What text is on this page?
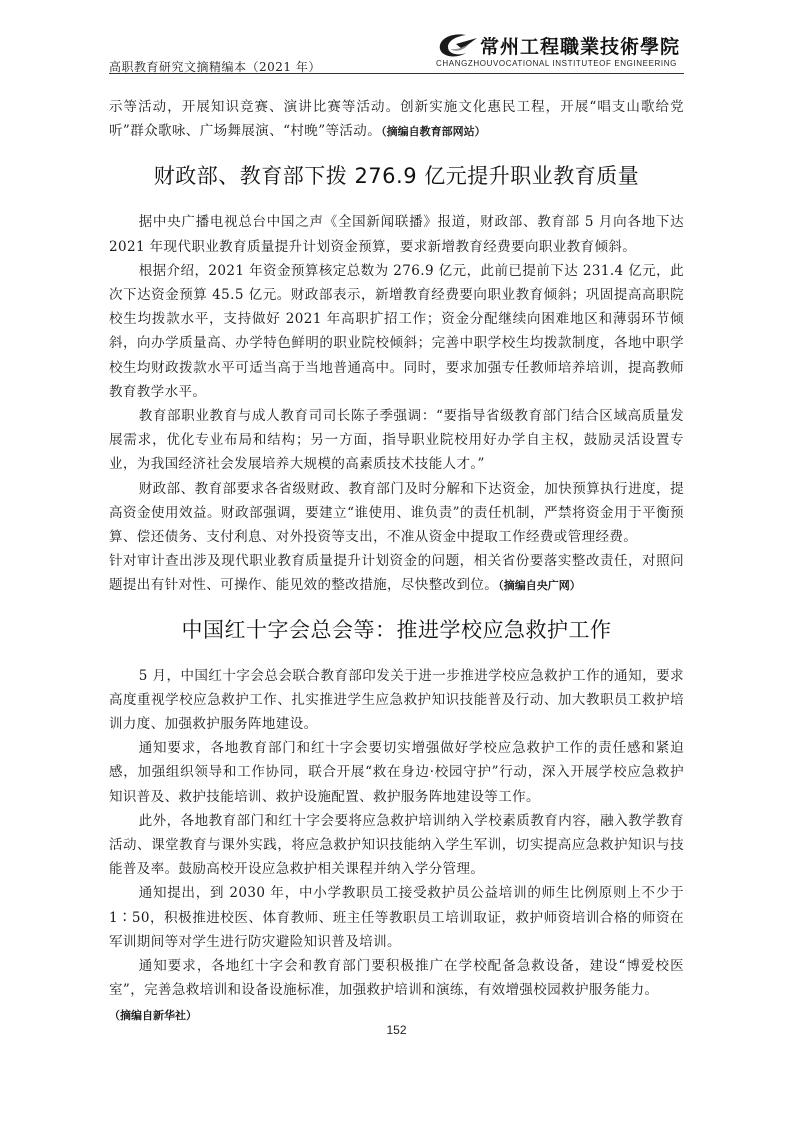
高职教育研究文摘精编本（2021 年）
常州工程職業技術學院
CHANGZHOUVOCATIONAL INSTITUTEOF ENGINEERING

示等活动，开展知识竞赛、演讲比赛等活动。创新实施文化惠民工程，开展“唱支山歌给党听”群众歌咏、广场舞展演、“村晚”等活动。（摘编自教育部网站）

财政部、教育部下拨 276.9 亿元提升职业教育质量

据中央广播电视总台中国之声《全国新闻联播》报道，财政部、教育部 5 月向各地下达 2021 年现代职业教育质量提升计划资金预算，要求新增教育经费要向职业教育倾斜。

根据介绍，2021 年资金预算核定总数为 276.9 亿元，此前已提前下达 231.4 亿元，此次下达资金预算 45.5 亿元。财政部表示，新增教育经费要向职业教育倾斜；巩固提高高职院校生均拨款水平，支持做好 2021 年高职扩招工作；资金分配继续向困难地区和薄弱环节倾斜，向办学质量高、办学特色鲜明的职业院校倾斜；完善中职学校生均拨款制度，各地中职学校生均财政拨款水平可适当高于当地普通高中。同时，要求加强专任教师培养培训，提高教师教育教学水平。

教育部职业教育与成人教育司司长陈子季强调：“要指导省级教育部门结合区域高质量发展需求，优化专业布局和结构；另一方面，指导职业院校用好办学自主权，鼓励灵活设置专业，为我国经济社会发展培养大规模的高素质技术技能人才。”

财政部、教育部要求各省级财政、教育部门及时分解和下达资金，加快预算执行进度，提高资金使用效益。财政部强调，要建立“谁使用、谁负责”的责任机制，严禁将资金用于平衡预算、偿还债务、支付利息、对外投资等支出，不准从资金中提取工作经费或管理经费。

针对审计查出涉及现代职业教育质量提升计划资金的问题，相关省份要落实整改责任，对照问题提出有针对性、可操作、能见效的整改措施，尽快整改到位。（摘编自央广网）

中国红十字会总会等：推进学校应急救护工作

5 月，中国红十字会总会联合教育部印发关于进一步推进学校应急救护工作的通知，要求高度重视学校应急救护工作、扎实推进学生应急救护知识技能普及行动、加大教职员工救护培训力度、加强救护服务阵地建设。

通知要求，各地教育部门和红十字会要切实增强做好学校应急救护工作的责任感和紧迫感，加强组织领导和工作协同，联合开展“救在身边·校园守护”行动，深入开展学校应急救护知识普及、救护技能培训、救护设施配置、救护服务阵地建设等工作。

此外，各地教育部门和红十字会要将应急救护培训纳入学校素质教育内容，融入教学教育活动、课堂教育与课外实践，将应急救护知识技能纳入学生军训，切实提高应急救护知识与技能普及率。鼓励高校开设应急救护相关课程并纳入学分管理。

通知提出，到 2030 年，中小学教职员工接受救护员公益培训的师生比例原则上不少于 1∶50，积极推进校医、体育教师、班主任等教职员工培训取证，救护师资培训合格的师资在军训期间等对学生进行防灾避险知识普及培训。

通知要求，各地红十字会和教育部门要积极推广在学校配备急救设备，建设“博爱校医室”，完善急救培训和设备设施标准，加强救护培训和演练，有效增强校园救护服务能力。

（摘编自新华社）

152
